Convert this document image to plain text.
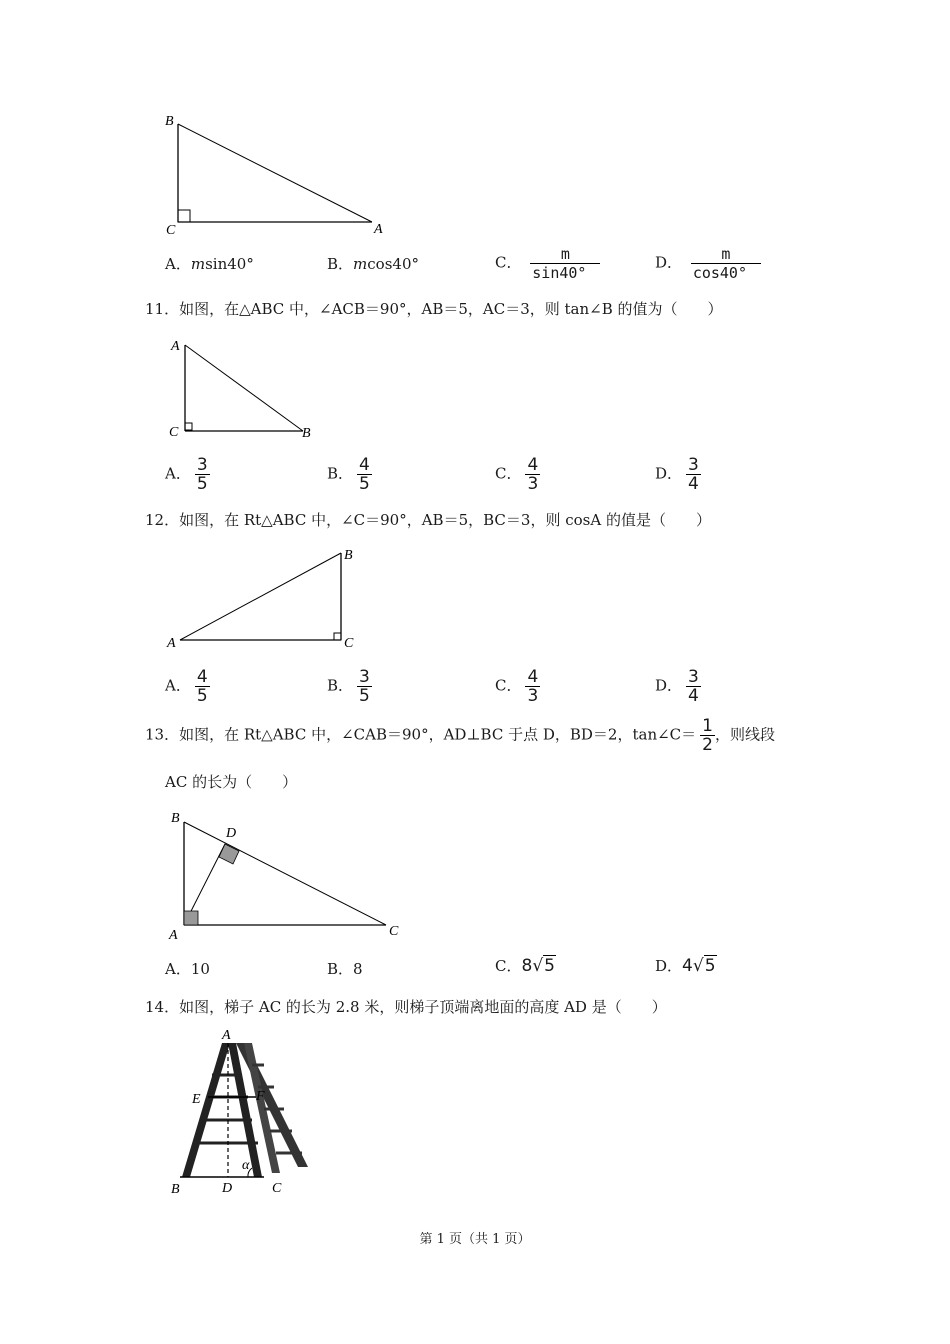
B
C	A
A．msin40°	B．mcos40°	C． $\frac{m}{\sin 40^\circ}$	D． $\frac{m}{\cos 40^\circ}$
11．如图，在△ABC 中，∠ACB＝90°，AB＝5，AC＝3，则 tan∠B 的值为（　　）
A
C	B
A． $\frac{3}{5}$	B． $\frac{4}{5}$	C． $\frac{4}{3}$	D． $\frac{3}{4}$
12．如图，在 Rt△ABC 中，∠C＝90°，AB＝5，BC＝3，则 cosA 的值是（　　）
B
A	C
A． $\frac{4}{5}$	B． $\frac{3}{5}$	C． $\frac{4}{3}$	D． $\frac{3}{4}$
13．如图，在 Rt△ABC 中，∠CAB＝90°，AD⊥BC 于点 D，BD＝2，tan∠C＝ $\frac{1}{2}$ ，则线段
AC 的长为（　　）
B
D
A	C
A．10	B．8	C．8√5	D．4√5
14．如图，梯子 AC 的长为 2.8 米，则梯子顶端离地面的高度 AD 是（　　）
A
E	F
B	D	C
α
第 1 页（共 1 页）
